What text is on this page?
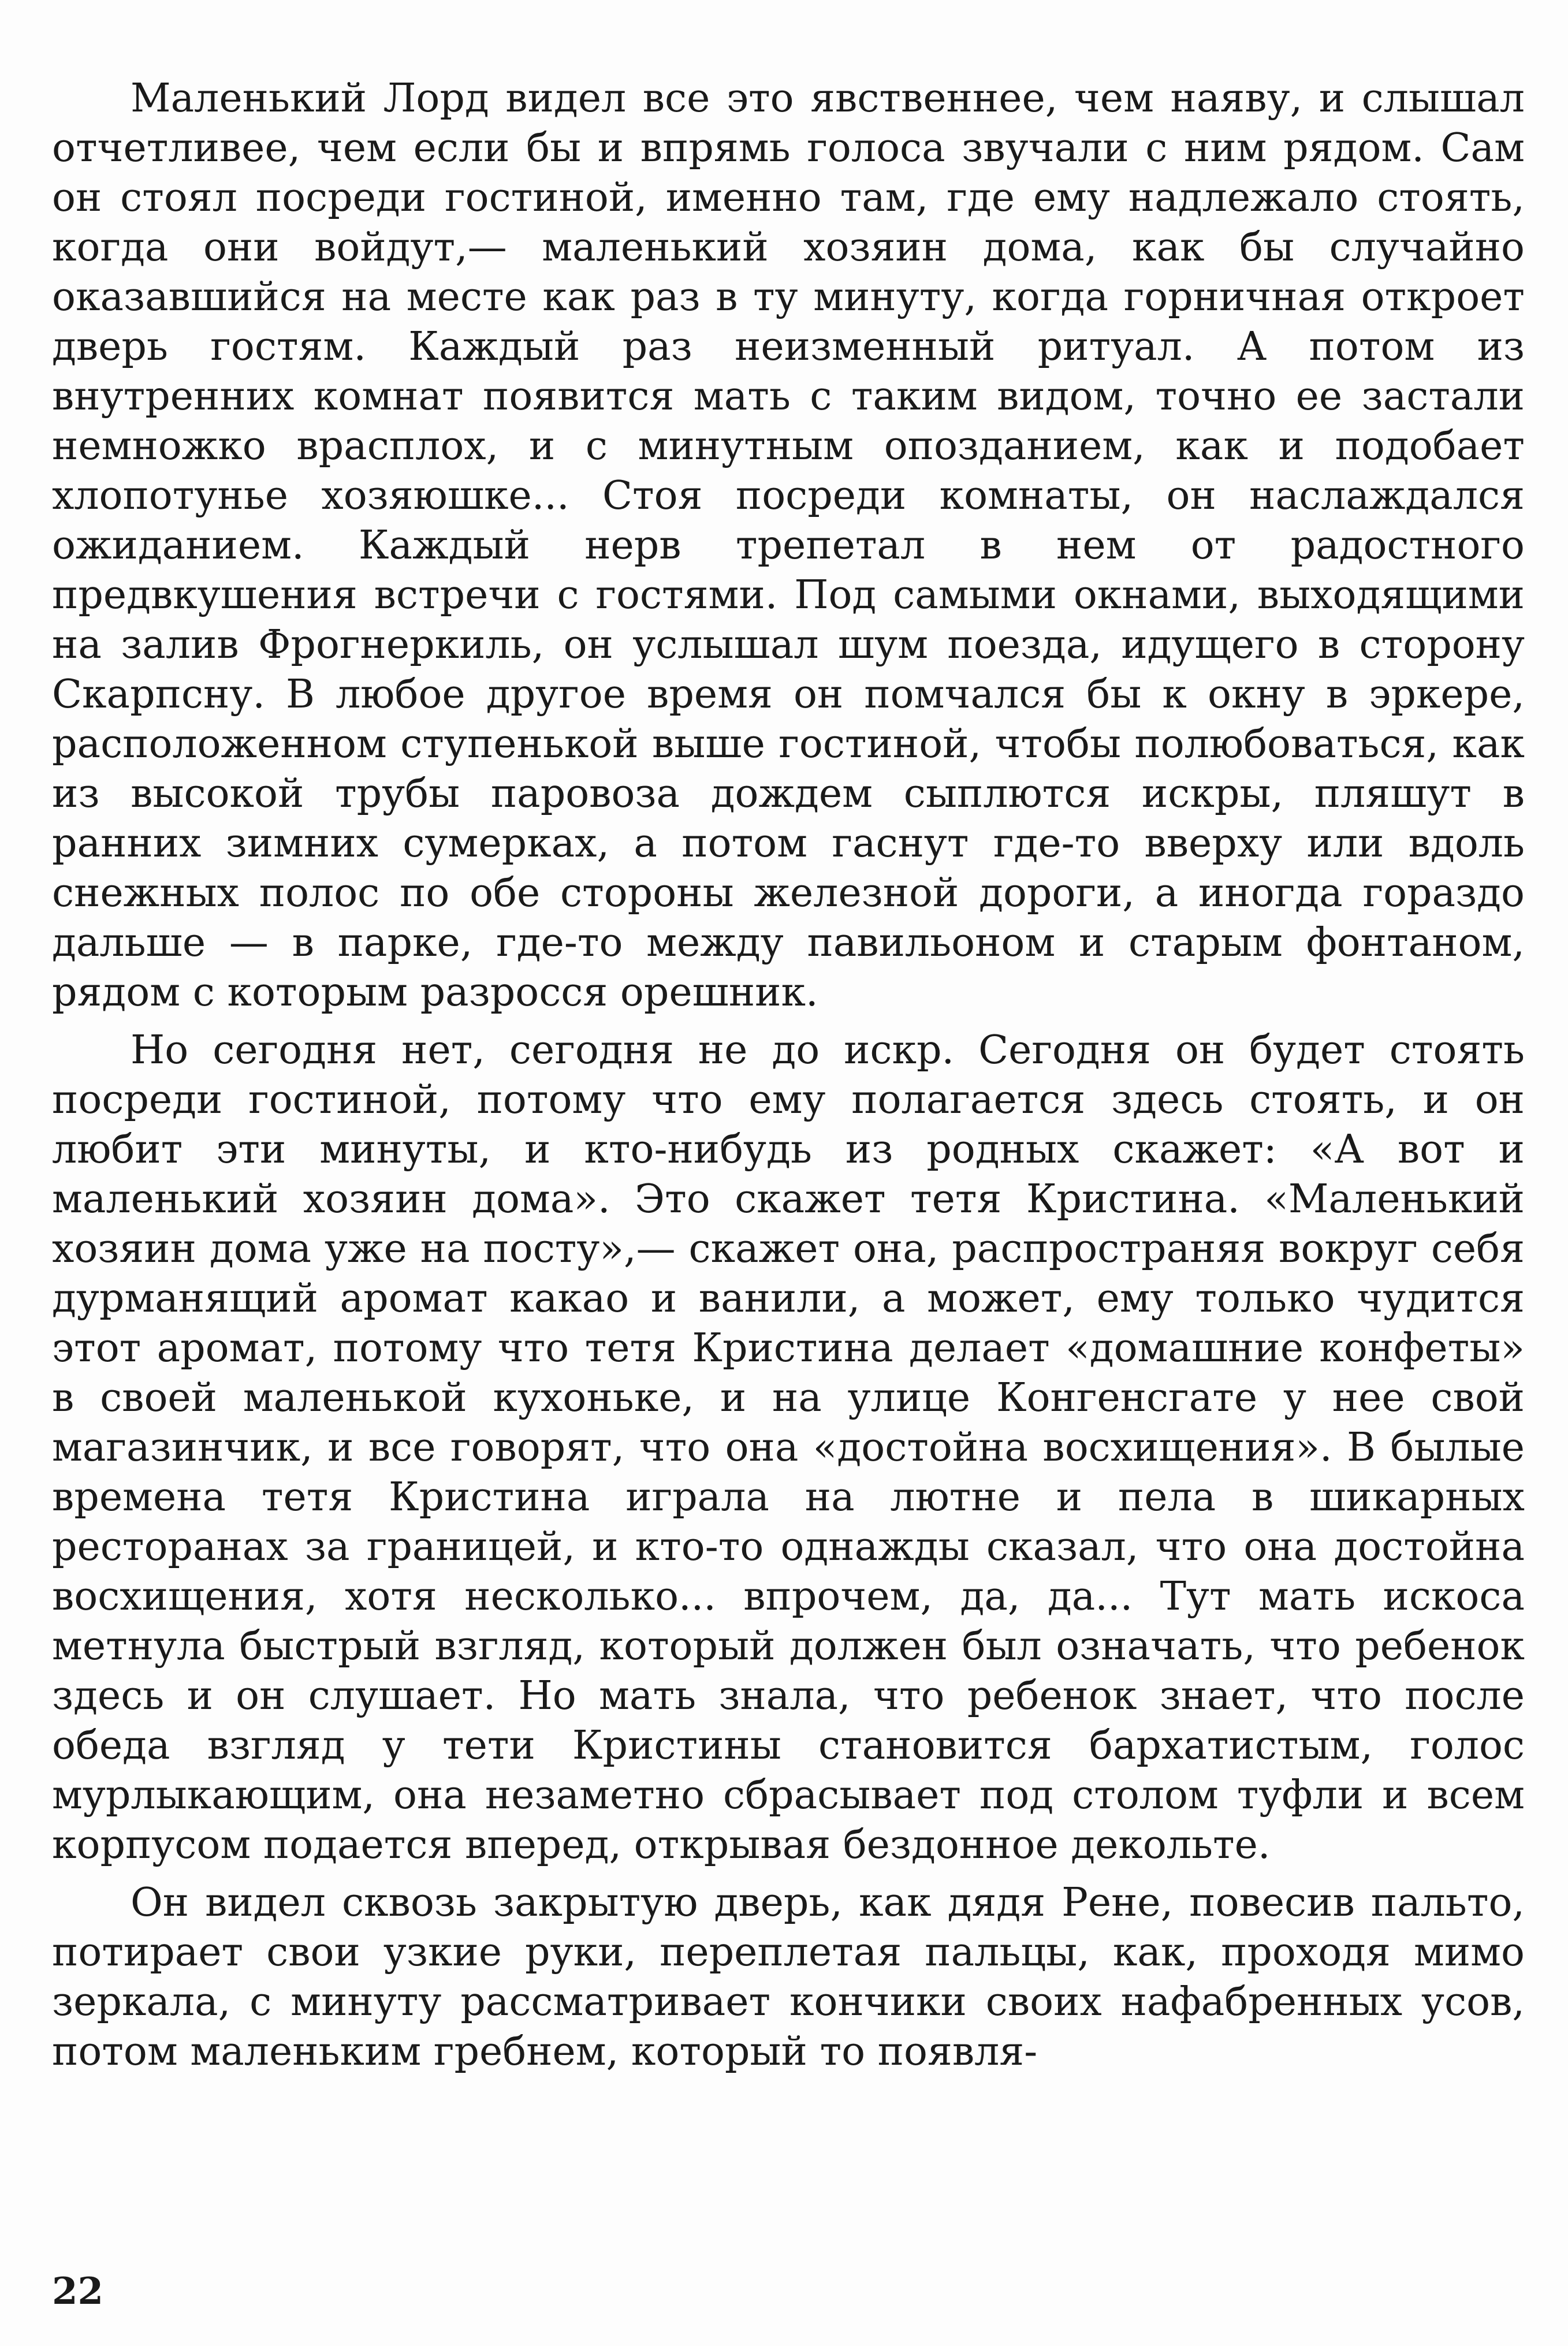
Маленький Лорд видел все это явственнее, чем наяву, и слышал отчетливее, чем если бы и впрямь голоса звучали с ним рядом. Сам он стоял посреди гостиной, именно там, где ему надлежало стоять, когда они войдут,— маленький хозяин дома, как бы случайно оказавшийся на месте как раз в ту минуту, когда горничная откроет дверь гостям. Каждый раз неизменный ритуал. А потом из внутренних комнат появится мать с таким видом, точно ее застали немножко врасплох, и с минутным опозданием, как и подобает хлопотунье хозяюшке... Стоя посреди комнаты, он наслаждался ожиданием. Каждый нерв трепетал в нем от радостного предвкушения встречи с гостями. Под самыми окнами, выходящими на залив Фрогнеркиль, он услышал шум поезда, идущего в сторону Скарпсну. В любое другое время он помчался бы к окну в эркере, расположенном ступенькой выше гостиной, чтобы полюбоваться, как из высокой трубы паровоза дождем сыплются искры, пляшут в ранних зимних сумерках, а потом гаснут где-то вверху или вдоль снежных полос по обе стороны железной дороги, а иногда гораздо дальше — в парке, где-то между павильоном и старым фонтаном, рядом с которым разросся орешник.

Но сегодня нет, сегодня не до искр. Сегодня он будет стоять посреди гостиной, потому что ему полагается здесь стоять, и он любит эти минуты, и кто-нибудь из родных скажет: «А вот и маленький хозяин дома». Это скажет тетя Кристина. «Маленький хозяин дома уже на посту»,— скажет она, распространяя вокруг себя дурманящий аромат какао и ванили, а может, ему только чудится этот аромат, потому что тетя Кристина делает «домашние конфеты» в своей маленькой кухоньке, и на улице Конгенсгате у нее свой магазинчик, и все говорят, что она «достойна восхищения». В былые времена тетя Кристина играла на лютне и пела в шикарных ресторанах за границей, и кто-то однажды сказал, что она достойна восхищения, хотя несколько... впрочем, да, да... Тут мать искоса метнула быстрый взгляд, который должен был означать, что ребенок здесь и он слушает. Но мать знала, что ребенок знает, что после обеда взгляд у тети Кристины становится бархатистым, голос мурлыкающим, она незаметно сбрасывает под столом туфли и всем корпусом подается вперед, открывая бездонное декольте.

Он видел сквозь закрытую дверь, как дядя Рене, повесив пальто, потирает свои узкие руки, переплетая пальцы, как, проходя мимо зеркала, с минуту рассматривает кончики своих нафабренных усов, потом маленьким гребнем, который то появля-

22
